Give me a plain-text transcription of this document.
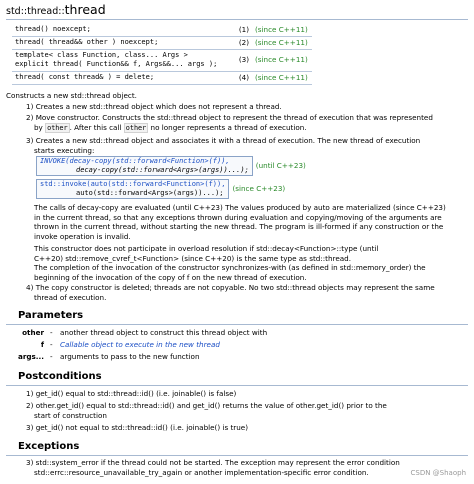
std::thread::thread
thread() noexcept;	(1)	(since C++11)
thread( thread&& other ) noexcept;	(2)	(since C++11)

template< class Function, class... Args >
explicit thread( Function&& f, Args&&... args );	(3)	(since C++11)
thread( const thread& ) = delete;	(4)	(since C++11)
Constructs a new std::thread object.
1) Creates a new std::thread object which does not represent a thread.
2) Move constructor. Constructs the std::thread object to represent the thread of execution that was represented
by other . After this call other no longer represents a thread of execution.
3) Creates a new std::thread object and associates it with a thread of execution. The new thread of execution
starts executing:
INVOKE(decay-copy(std::forward<Function>(f)),
decay-copy(std::forward<Args>(args))...);	(until C++23)
std::invoke(auto(std::forward<Function>(f)),
auto(std::forward<Args>(args))...);	(since C++23)
The calls of decay-copy are evaluated (until C++23) The values produced by auto are materialized (since C++23)
in the current thread, so that any exceptions thrown during evaluation and copying/moving of the arguments are
thrown in the current thread, without starting the new thread. The program is ill-formed if any construction or the
invoke operation is invalid.
This constructor does not participate in overload resolution if std::decay<Function>::type (until
C++20) std::remove_cvref_t<Function> (since C++20) is the same type as std::thread.
The completion of the invocation of the constructor synchronizes-with (as defined in std::memory_order) the
beginning of the invocation of the copy of f on the new thread of execution.
4) The copy constructor is deleted; threads are not copyable. No two std::thread objects may represent the same
thread of execution.
Parameters
other - another thread object to construct this thread object with
f - Callable object to execute in the new thread
args... - arguments to pass to the new function
Postconditions
1) get_id() equal to std::thread::id() (i.e. joinable() is false)
2) other.get_id() equal to std::thread::id() and get_id() returns the value of other.get_id() prior to the
start of construction
3) get_id() not equal to std::thread::id() (i.e. joinable() is true)
Exceptions
3) std::system_error if the thread could not be started. The exception may represent the error condition
std::errc::resource_unavailable_try_again or another implementation-specific error condition.	CSDN @Shaoph
